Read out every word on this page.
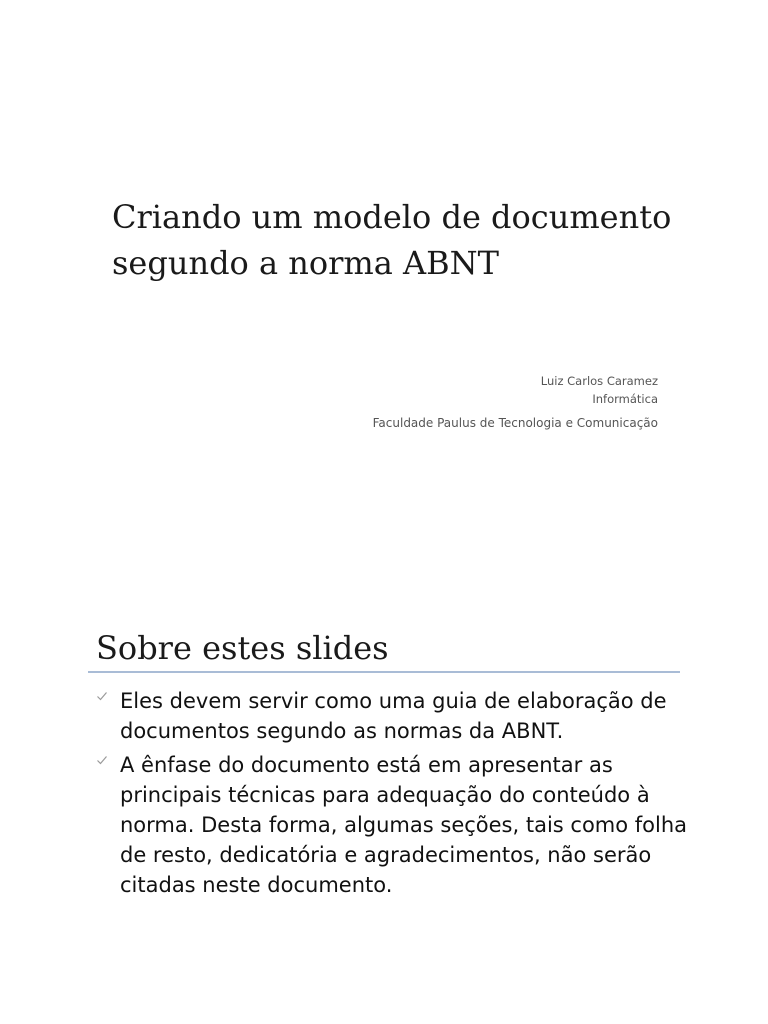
Criando um modelo de documento
segundo a norma ABNT
Luiz Carlos Caramez
Informática
Faculdade Paulus de Tecnologia e Comunicação
Sobre estes slides
Eles devem servir como uma guia de elaboração de documentos segundo as normas da ABNT.
A ênfase do documento está em apresentar as principais técnicas para adequação do conteúdo à norma. Desta forma, algumas seções, tais como folha de resto, dedicatória e agradecimentos, não serão citadas neste documento.
